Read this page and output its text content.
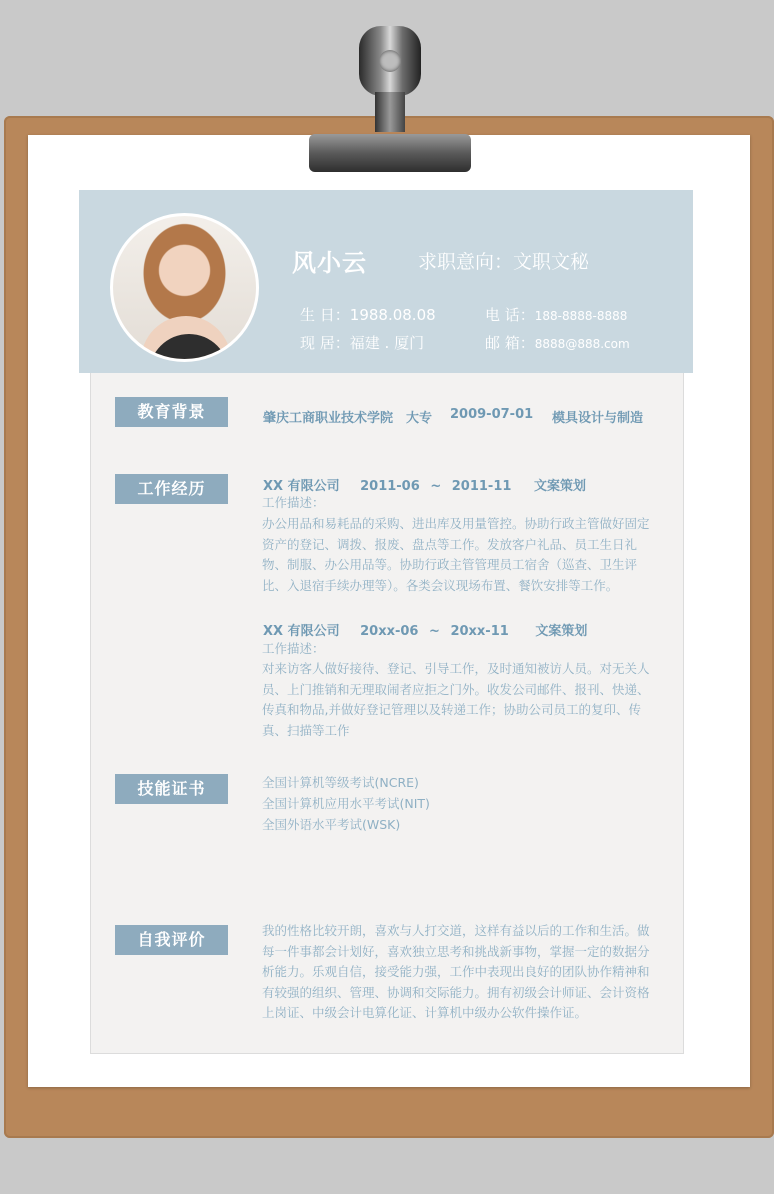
风小云	求职意向：文职文秘
生 日：1988.08.08
现 居：福建 . 厦门
电 话：188-8888-8888
邮 箱：8888@888.com
教育背景	肇庆工商职业技术学院 大专 2009-07-01 模具设计与制造
工作经历	XX 有限公司 2011-06 ~ 2011-11 文案策划
工作描述：
办公用品和易耗品的采购、进出库及用量管控。协助行政主管做好固定资产的登记、调拨、报废、盘点等工作。发放客户礼品、员工生日礼物、制服、办公用品等。协助行政主管管理员工宿舍（巡查、卫生评比、入退宿手续办理等）。各类会议现场布置、餐饮安排等工作。
XX 有限公司 20xx-06 ~ 20xx-11 文案策划
工作描述：
对来访客人做好接待、登记、引导工作，及时通知被访人员。对无关人员、上门推销和无理取闹者应拒之门外。收发公司邮件、报刊、快递、传真和物品,并做好登记管理以及转递工作；协助公司员工的复印、传真、扫描等工作
技能证书	全国计算机等级考试(NCRE)
全国计算机应用水平考试(NIT)
全国外语水平考试(WSK)
自我评价	我的性格比较开朗，喜欢与人打交道，这样有益以后的工作和生活。做每一件事都会计划好，喜欢独立思考和挑战新事物，掌握一定的数据分析能力。乐观自信，接受能力强，工作中表现出良好的团队协作精神和有较强的组织、管理、协调和交际能力。拥有初级会计师证、会计资格上岗证、中级会计电算化证、计算机中级办公软件操作证。
